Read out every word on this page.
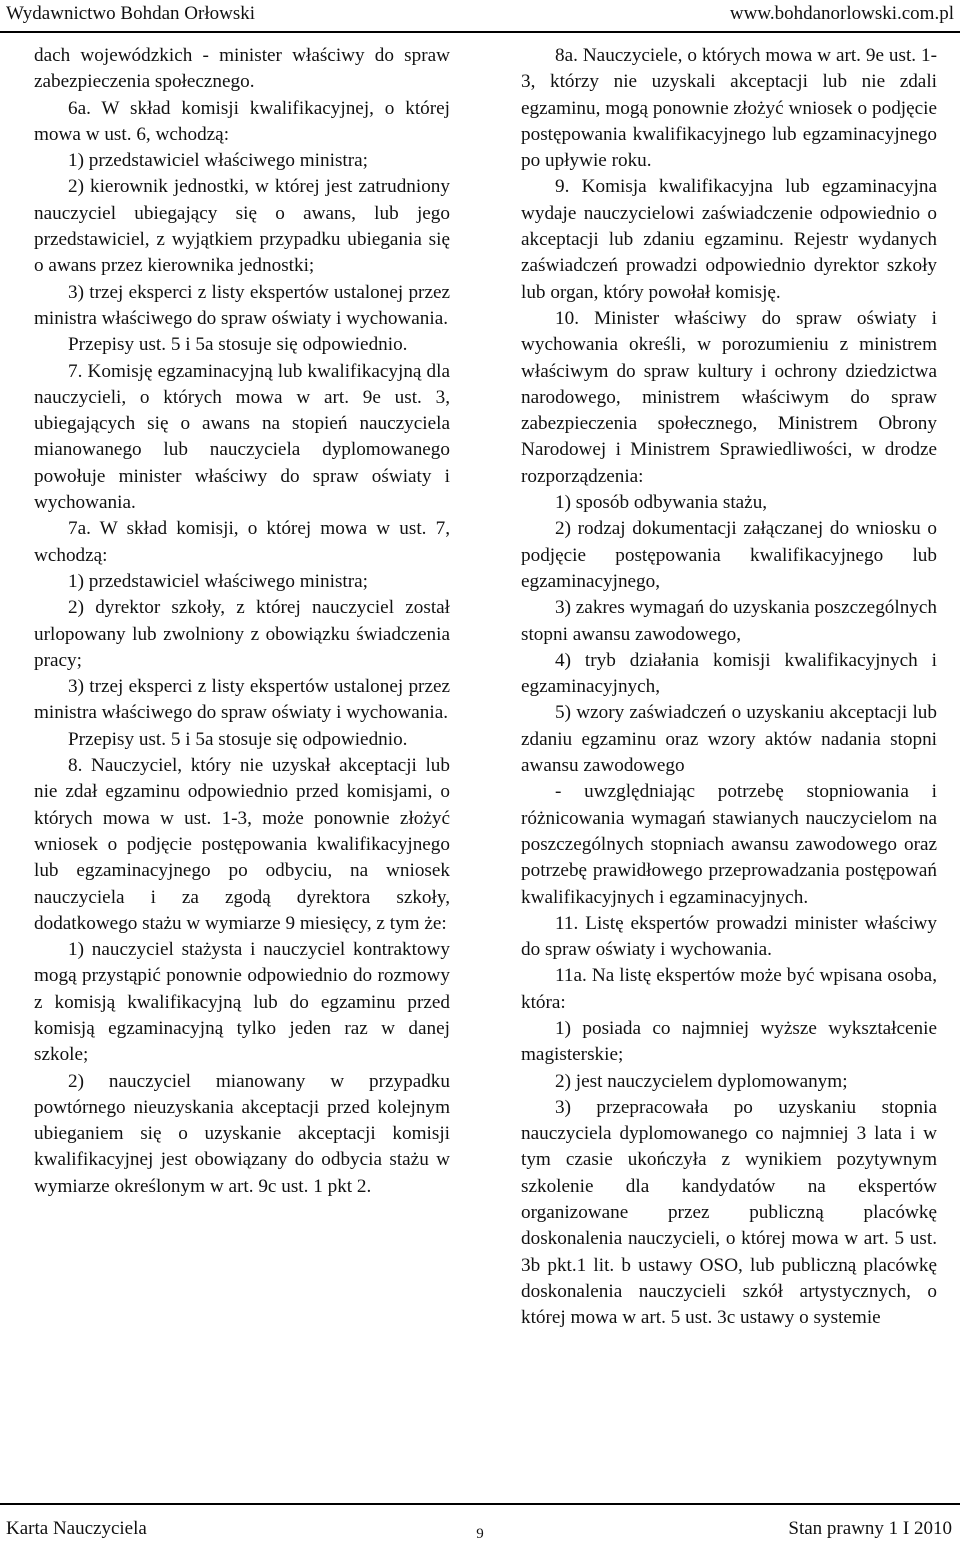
Wydawnictwo Bohdan Orłowski	www.bohdanorlowski.com.pl

dach wojewódzkich - minister właściwy do spraw zabezpieczenia społecznego.

6a. W skład komisji kwalifikacyjnej, o której mowa w ust. 6, wchodzą:

1) przedstawiciel właściwego ministra;

2) kierownik jednostki, w której jest zatrudniony nauczyciel ubiegający się o awans, lub jego przedstawiciel, z wyjątkiem przypadku ubiegania się o awans przez kierownika jednostki;

3) trzej eksperci z listy ekspertów ustalonej przez ministra właściwego do spraw oświaty i wychowania.

Przepisy ust. 5 i 5a stosuje się odpowiednio.

7. Komisję egzaminacyjną lub kwalifikacyjną dla nauczycieli, o których mowa w art. 9e ust. 3, ubiegających się o awans na stopień nauczyciela mianowanego lub nauczyciela dyplomowanego powołuje minister właściwy do spraw oświaty i wychowania.

7a. W skład komisji, o której mowa w ust. 7, wchodzą:

1) przedstawiciel właściwego ministra;

2) dyrektor szkoły, z której nauczyciel został urlopowany lub zwolniony z obowiązku świadczenia pracy;

3) trzej eksperci z listy ekspertów ustalonej przez ministra właściwego do spraw oświaty i wychowania.

Przepisy ust. 5 i 5a stosuje się odpowiednio.

8. Nauczyciel, który nie uzyskał akceptacji lub nie zdał egzaminu odpowiednio przed komisjami, o których mowa w ust. 1-3, może ponownie złożyć wniosek o podjęcie postępowania kwalifikacyjnego lub egzaminacyjnego po odbyciu, na wniosek nauczyciela i za zgodą dyrektora szkoły, dodatkowego stażu w wymiarze 9 miesięcy, z tym że:

1) nauczyciel stażysta i nauczyciel kontraktowy mogą przystąpić ponownie odpowiednio do rozmowy z komisją kwalifikacyjną lub do egzaminu przed komisją egzaminacyjną tylko jeden raz w danej szkole;

2) nauczyciel mianowany w przypadku powtórnego nieuzyskania akceptacji przed kolejnym ubieganiem się o uzyskanie akceptacji komisji kwalifikacyjnej jest obowiązany do odbycia stażu w wymiarze określonym w art. 9c ust. 1 pkt 2.

8a. Nauczyciele, o których mowa w art. 9e ust. 1-3, którzy nie uzyskali akceptacji lub nie zdali egzaminu, mogą ponownie złożyć wniosek o podjęcie postępowania kwalifikacyjnego lub egzaminacyjnego po upływie roku.

9. Komisja kwalifikacyjna lub egzaminacyjna wydaje nauczycielowi zaświadczenie odpowiednio o akceptacji lub zdaniu egzaminu. Rejestr wydanych zaświadczeń prowadzi odpowiednio dyrektor szkoły lub organ, który powołał komisję.

10. Minister właściwy do spraw oświaty i wychowania określi, w porozumieniu z ministrem właściwym do spraw kultury i ochrony dziedzictwa narodowego, ministrem właściwym do spraw zabezpieczenia społecznego, Ministrem Obrony Narodowej i Ministrem Sprawiedliwości, w drodze rozporządzenia:

1) sposób odbywania stażu,

2) rodzaj dokumentacji załączanej do wniosku o podjęcie postępowania kwalifikacyjnego lub egzaminacyjnego,

3) zakres wymagań do uzyskania poszczególnych stopni awansu zawodowego,

4) tryb działania komisji kwalifikacyjnych i egzaminacyjnych,

5) wzory zaświadczeń o uzyskaniu akceptacji lub zdaniu egzaminu oraz wzory aktów nadania stopni awansu zawodowego

- uwzględniając potrzebę stopniowania i różnicowania wymagań stawianych nauczycielom na poszczególnych stopniach awansu zawodowego oraz potrzebę prawidłowego przeprowadzania postępowań kwalifikacyjnych i egzaminacyjnych.

11. Listę ekspertów prowadzi minister właściwy do spraw oświaty i wychowania.

11a. Na listę ekspertów może być wpisana osoba, która:

1) posiada co najmniej wyższe wykształcenie magisterskie;

2) jest nauczycielem dyplomowanym;

3) przepracowała po uzyskaniu stopnia nauczyciela dyplomowanego co najmniej 3 lata i w tym czasie ukończyła z wynikiem pozytywnym szkolenie dla kandydatów na ekspertów organizowane przez publiczną placówkę doskonalenia nauczycieli, o której mowa w art. 5 ust. 3b pkt.1 lit. b ustawy OSO, lub publiczną placówkę doskonalenia nauczycieli szkół artystycznych, o której mowa w art. 5 ust. 3c ustawy o systemie

Karta Nauczyciela	9	Stan prawny 1 I 2010
